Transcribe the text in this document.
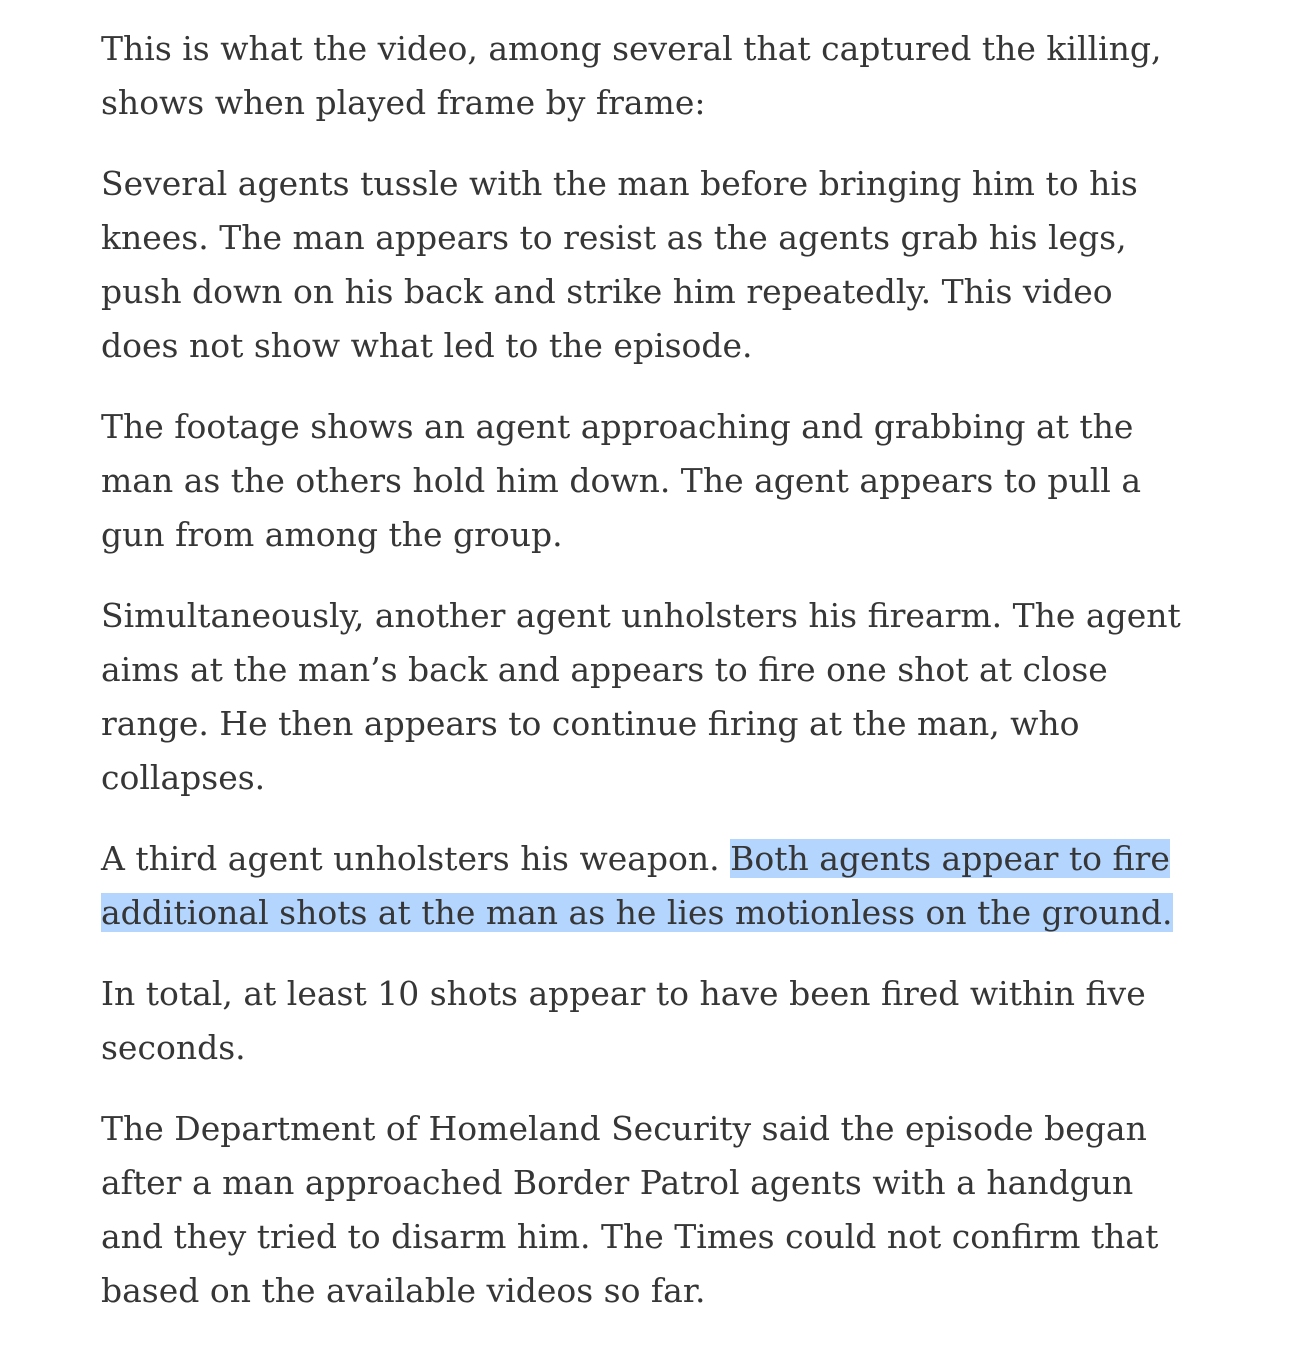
This is what the video, among several that captured the killing, shows when played frame by frame:

Several agents tussle with the man before bringing him to his knees. The man appears to resist as the agents grab his legs, push down on his back and strike him repeatedly. This video does not show what led to the episode.

The footage shows an agent approaching and grabbing at the man as the others hold him down. The agent appears to pull a gun from among the group.

Simultaneously, another agent unholsters his firearm. The agent aims at the man’s back and appears to fire one shot at close range. He then appears to continue firing at the man, who collapses.

A third agent unholsters his weapon. Both agents appear to fire additional shots at the man as he lies motionless on the ground.

In total, at least 10 shots appear to have been fired within five seconds.

The Department of Homeland Security said the episode began after a man approached Border Patrol agents with a handgun and they tried to disarm him. The Times could not confirm that based on the available videos so far.
